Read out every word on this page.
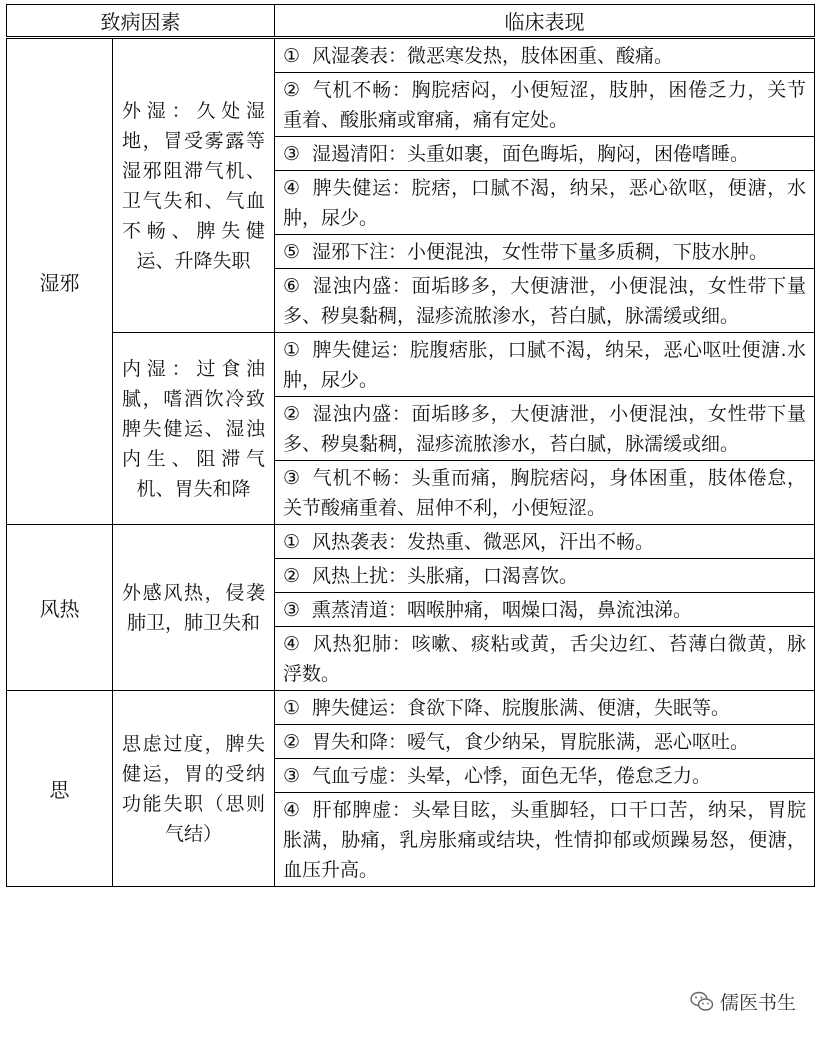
致病因素		临床表现
湿邪	外湿：久处湿地，冒受雾露等湿邪阻滞气机、卫气失和、气血不畅、脾失健运、升降失职	① 风湿袭表：微恶寒发热，肢体困重、酸痛。
		② 气机不畅：胸脘痞闷，小便短涩，肢肿，困倦乏力，关节重着、酸胀痛或窜痛，痛有定处。
		③ 湿遏清阳：头重如裹，面色晦垢，胸闷，困倦嗜睡。
		④ 脾失健运：脘痞，口腻不渴，纳呆，恶心欲呕，便溏，水肿，尿少。
		⑤ 湿邪下注：小便混浊，女性带下量多质稠，下肢水肿。
		⑥ 湿浊内盛：面垢眵多，大便溏泄，小便混浊，女性带下量多、秽臭黏稠，湿疹流脓渗水，苔白腻，脉濡缓或细。

	内湿：过食油腻，嗜酒饮冷致脾失健运、湿浊内生、阻滞气机、胃失和降	① 脾失健运：脘腹痞胀，口腻不渴，纳呆，恶心呕吐便溏.水肿，尿少。
		② 湿浊内盛：面垢眵多，大便溏泄，小便混浊，女性带下量多、秽臭黏稠，湿疹流脓渗水，苔白腻，脉濡缓或细。
		③ 气机不畅：头重而痛，胸脘痞闷，身体困重，肢体倦怠，关节酸痛重着、屈伸不利，小便短涩。
风热	外感风热，侵袭肺卫，肺卫失和	① 风热袭表：发热重、微恶风，汗出不畅。
		② 风热上扰：头胀痛，口渴喜饮。
		③ 熏蒸清道：咽喉肿痛，咽燥口渴，鼻流浊涕。
		④ 风热犯肺：咳嗽、痰粘或黄，舌尖边红、苔薄白微黄，脉浮数。
思	思虑过度，脾失健运，胃的受纳功能失职（思则气结）	① 脾失健运：食欲下降、脘腹胀满、便溏，失眠等。
		② 胃失和降：嗳气，食少纳呆，胃脘胀满，恶心呕吐。
		③ 气血亏虚：头晕，心悸，面色无华，倦怠乏力。
		④ 肝郁脾虚：头晕目眩，头重脚轻，口干口苦，纳呆，胃脘胀满，胁痛，乳房胀痛或结块，性情抑郁或烦躁易怒，便溏，血压升高。
儒医书生
